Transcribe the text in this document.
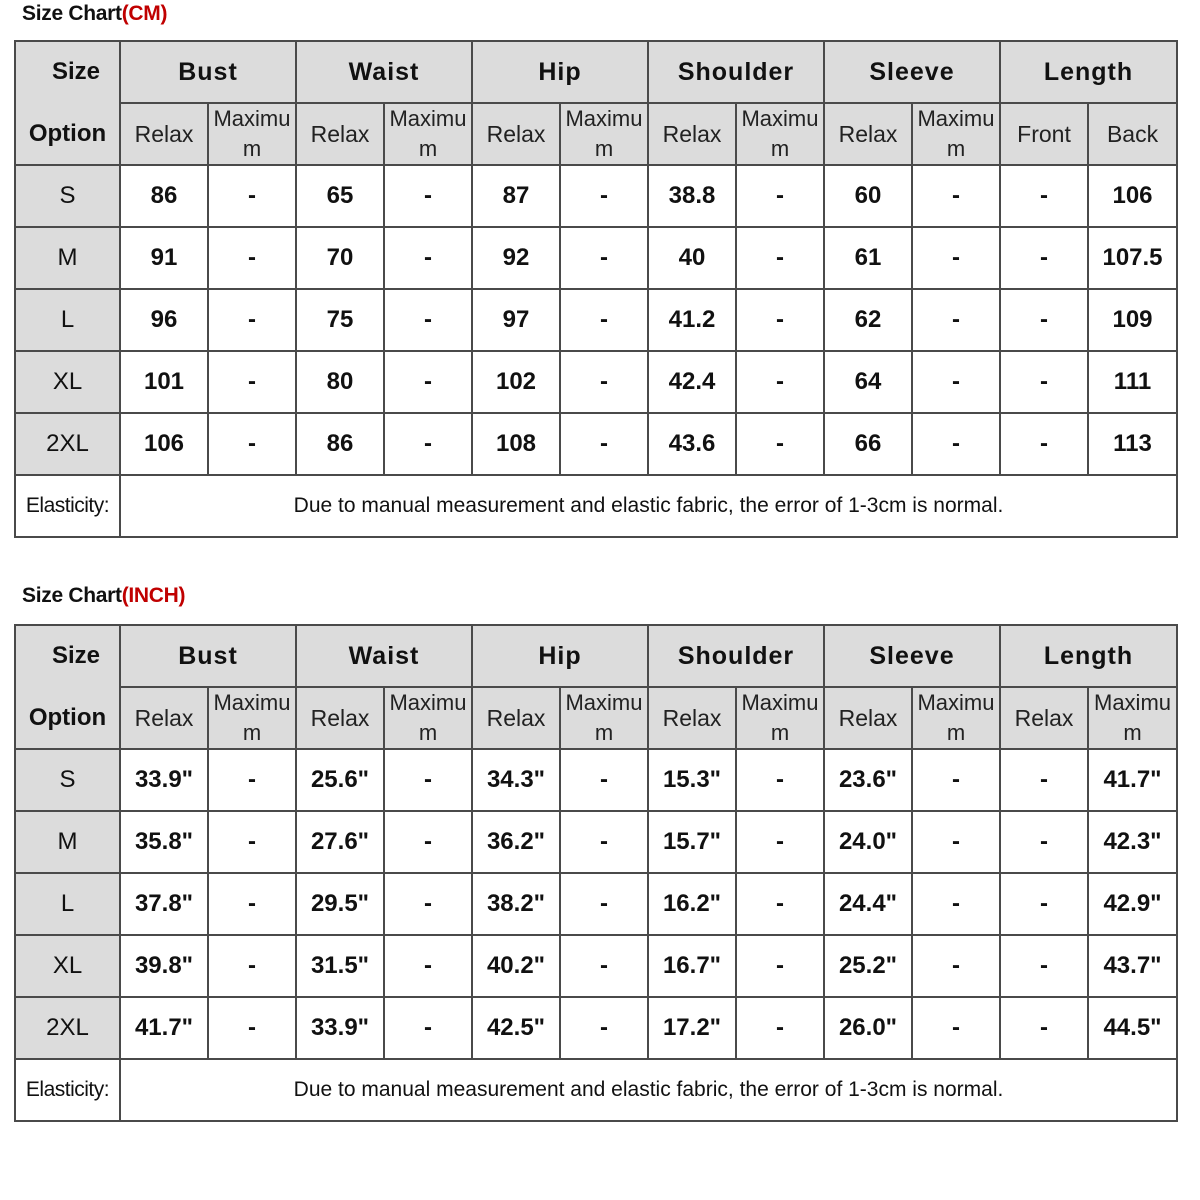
Size Chart(CM)
Size
Option	Bust		Waist		Hip		Shoulder		Sleeve		Length	
	Relax	Maximum	Relax	Maximum	Relax	Maximum	Relax	Maximum	Relax	Maximum	Front	Back
S	86	-	65	-	87	-	38.8	-	60	-	-	106
M	91	-	70	-	92	-	40	-	61	-	-	107.5
L	96	-	75	-	97	-	41.2	-	62	-	-	109
XL	101	-	80	-	102	-	42.4	-	64	-	-	111
2XL	106	-	86	-	108	-	43.6	-	66	-	-	113
Elasticity:	Due to manual measurement and elastic fabric, the error of 1-3cm is normal.											
Size Chart(INCH)
Size
Option	Bust		Waist		Hip		Shoulder		Sleeve		Length	
	Relax	Maximum	Relax	Maximum	Relax	Maximum	Relax	Maximum	Relax	Maximum	Relax	Maximum
S	33.9"	-	25.6"	-	34.3"	-	15.3"	-	23.6"	-	-	41.7"
M	35.8"	-	27.6"	-	36.2"	-	15.7"	-	24.0"	-	-	42.3"
L	37.8"	-	29.5"	-	38.2"	-	16.2"	-	24.4"	-	-	42.9"
XL	39.8"	-	31.5"	-	40.2"	-	16.7"	-	25.2"	-	-	43.7"
2XL	41.7"	-	33.9"	-	42.5"	-	17.2"	-	26.0"	-	-	44.5"
Elasticity:	Due to manual measurement and elastic fabric, the error of 1-3cm is normal.											
